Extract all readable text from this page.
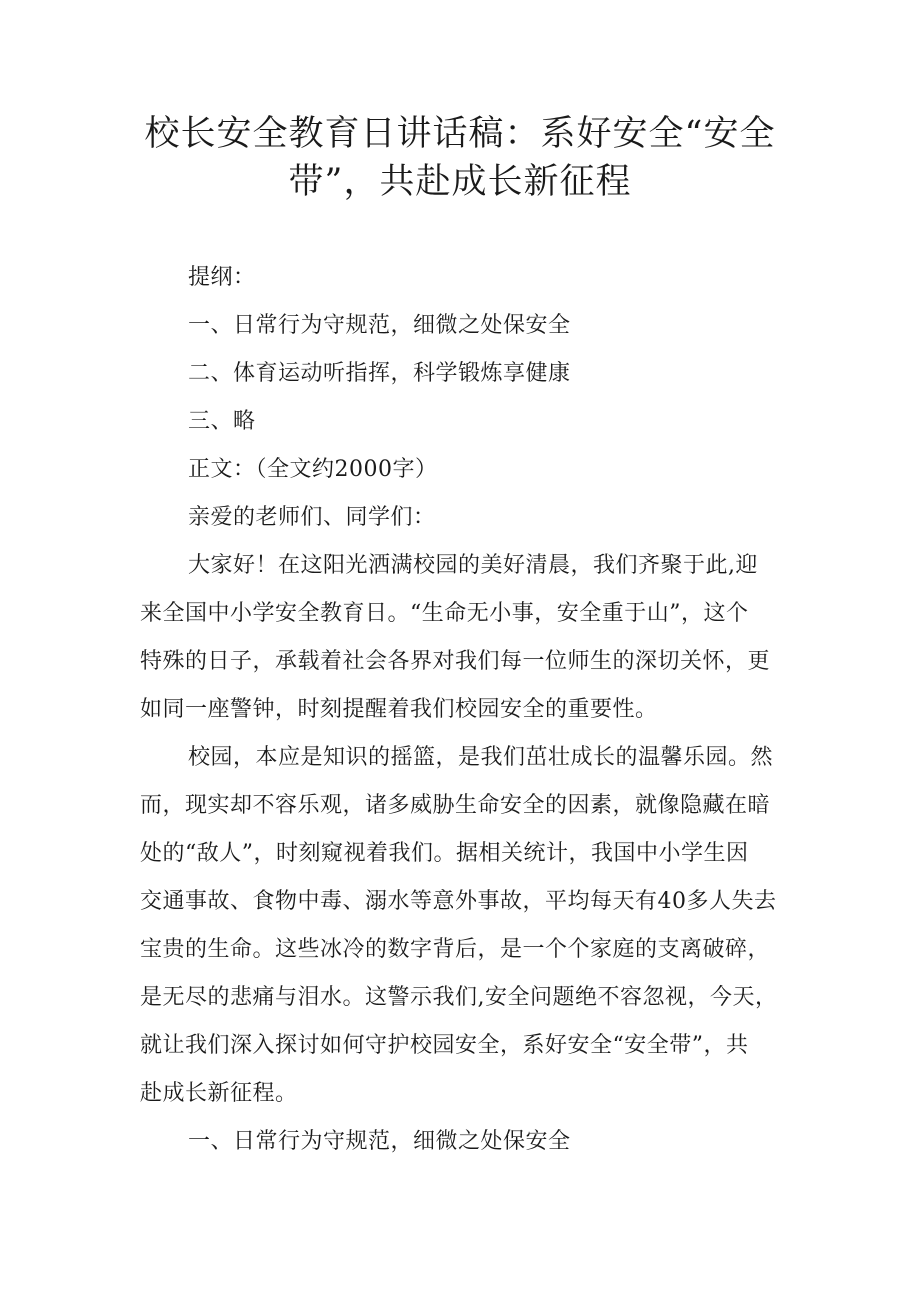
校长安全教育日讲话稿：系好安全“安全
带”，共赴成长新征程
提纲：
一、日常行为守规范，细微之处保安全
二、体育运动听指挥，科学锻炼享健康
三、略
正文：（全文约2000字）
亲爱的老师们、同学们：
大家好！在这阳光洒满校园的美好清晨，我们齐聚于此,迎
来全国中小学安全教育日。“生命无小事，安全重于山”，这个
特殊的日子，承载着社会各界对我们每一位师生的深切关怀，更
如同一座警钟，时刻提醒着我们校园安全的重要性。
校园，本应是知识的摇篮，是我们茁壮成长的温馨乐园。然
而，现实却不容乐观，诸多威胁生命安全的因素，就像隐藏在暗
处的“敌人”，时刻窥视着我们。据相关统计，我国中小学生因
交通事故、食物中毒、溺水等意外事故，平均每天有40多人失去
宝贵的生命。这些冰冷的数字背后，是一个个家庭的支离破碎，
是无尽的悲痛与泪水。这警示我们,安全问题绝不容忽视，今天，
就让我们深入探讨如何守护校园安全，系好安全“安全带”，共
赴成长新征程。
一、日常行为守规范，细微之处保安全
